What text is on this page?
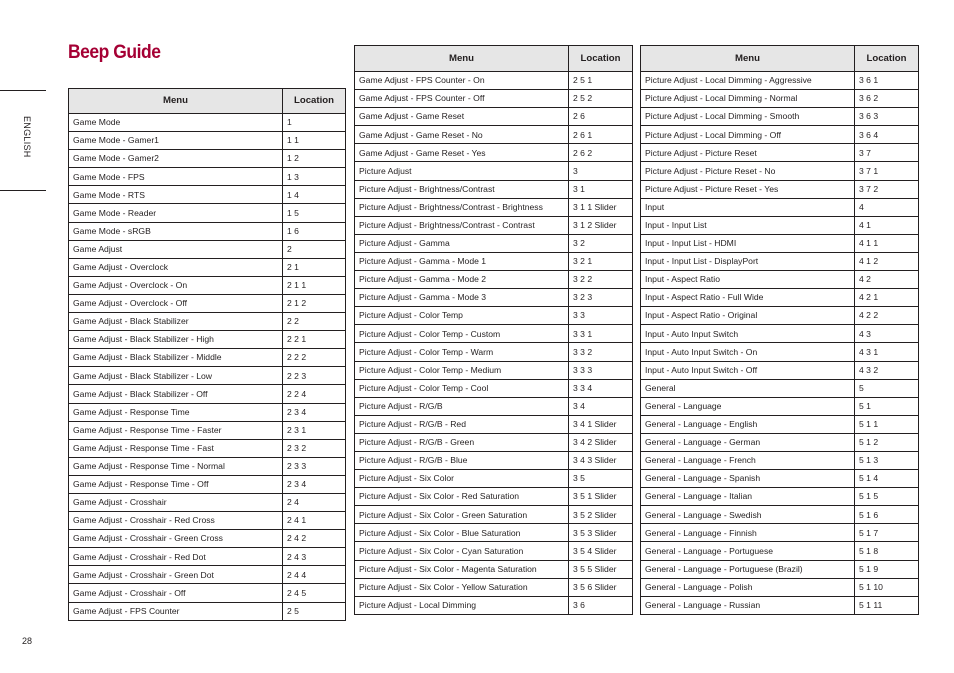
Beep Guide
ENGLISH
28
Menu	Location
Game Mode	1
Game Mode - Gamer1	1 1
Game Mode - Gamer2	1 2
Game Mode - FPS	1 3
Game Mode - RTS	1 4
Game Mode - Reader	1 5
Game Mode - sRGB	1 6
Game Adjust	2
Game Adjust - Overclock	2 1
Game Adjust - Overclock - On	2 1 1
Game Adjust - Overclock - Off	2 1 2
Game Adjust - Black Stabilizer	2 2
Game Adjust - Black Stabilizer - High	2 2 1
Game Adjust - Black Stabilizer - Middle	2 2 2
Game Adjust - Black Stabilizer - Low	2 2 3
Game Adjust - Black Stabilizer - Off	2 2 4
Game Adjust - Response Time	2 3 4
Game Adjust - Response Time - Faster	2 3 1
Game Adjust - Response Time - Fast	2 3 2
Game Adjust - Response Time - Normal	2 3 3
Game Adjust - Response Time - Off	2 3 4
Game Adjust - Crosshair	2 4
Game Adjust - Crosshair - Red Cross	2 4 1
Game Adjust - Crosshair - Green Cross	2 4 2
Game Adjust - Crosshair - Red Dot	2 4 3
Game Adjust - Crosshair - Green Dot	2 4 4
Game Adjust - Crosshair - Off	2 4 5
Game Adjust - FPS Counter	2 5
Menu	Location
Game Adjust - FPS Counter - On	2 5 1
Game Adjust - FPS Counter - Off	2 5 2
Game Adjust - Game Reset	2 6
Game Adjust - Game Reset - No	2 6 1
Game Adjust - Game Reset - Yes	2 6 2
Picture Adjust	3
Picture Adjust - Brightness/Contrast	3 1
Picture Adjust - Brightness/Contrast - Brightness	3 1 1 Slider
Picture Adjust - Brightness/Contrast - Contrast	3 1 2 Slider
Picture Adjust - Gamma	3 2
Picture Adjust - Gamma - Mode 1	3 2 1
Picture Adjust - Gamma - Mode 2	3 2 2
Picture Adjust - Gamma - Mode 3	3 2 3
Picture Adjust - Color Temp	3 3
Picture Adjust - Color Temp - Custom	3 3 1
Picture Adjust - Color Temp - Warm	3 3 2
Picture Adjust - Color Temp - Medium	3 3 3
Picture Adjust - Color Temp - Cool	3 3 4
Picture Adjust - R/G/B	3 4
Picture Adjust - R/G/B - Red	3 4 1 Slider
Picture Adjust - R/G/B - Green	3 4 2 Slider
Picture Adjust - R/G/B - Blue	3 4 3 Slider
Picture Adjust - Six Color	3 5
Picture Adjust - Six Color - Red Saturation	3 5 1 Slider
Picture Adjust - Six Color - Green Saturation	3 5 2 Slider
Picture Adjust - Six Color - Blue Saturation	3 5 3 Slider
Picture Adjust - Six Color - Cyan Saturation	3 5 4 Slider
Picture Adjust - Six Color - Magenta Saturation	3 5 5 Slider
Picture Adjust - Six Color - Yellow Saturation	3 5 6 Slider
Picture Adjust - Local Dimming	3 6
Menu	Location
Picture Adjust - Local Dimming - Aggressive	3 6 1
Picture Adjust - Local Dimming - Normal	3 6 2
Picture Adjust - Local Dimming - Smooth	3 6 3
Picture Adjust - Local Dimming - Off	3 6 4
Picture Adjust - Picture Reset	3 7
Picture Adjust - Picture Reset - No	3 7 1
Picture Adjust - Picture Reset - Yes	3 7 2
Input	4
Input - Input List	4 1
Input - Input List - HDMI	4 1 1
Input - Input List - DisplayPort	4 1 2
Input - Aspect Ratio	4 2
Input - Aspect Ratio - Full Wide	4 2 1
Input - Aspect Ratio - Original	4 2 2
Input - Auto Input Switch	4 3
Input - Auto Input Switch - On	4 3 1
Input - Auto Input Switch - Off	4 3 2
General	5
General - Language	5 1
General - Language - English	5 1 1
General - Language - German	5 1 2
General - Language - French	5 1 3
General - Language - Spanish	5 1 4
General - Language - Italian	5 1 5
General - Language - Swedish	5 1 6
General - Language - Finnish	5 1 7
General - Language - Portuguese	5 1 8
General - Language - Portuguese (Brazil)	5 1 9
General - Language - Polish	5 1 10
General - Language - Russian	5 1 11
